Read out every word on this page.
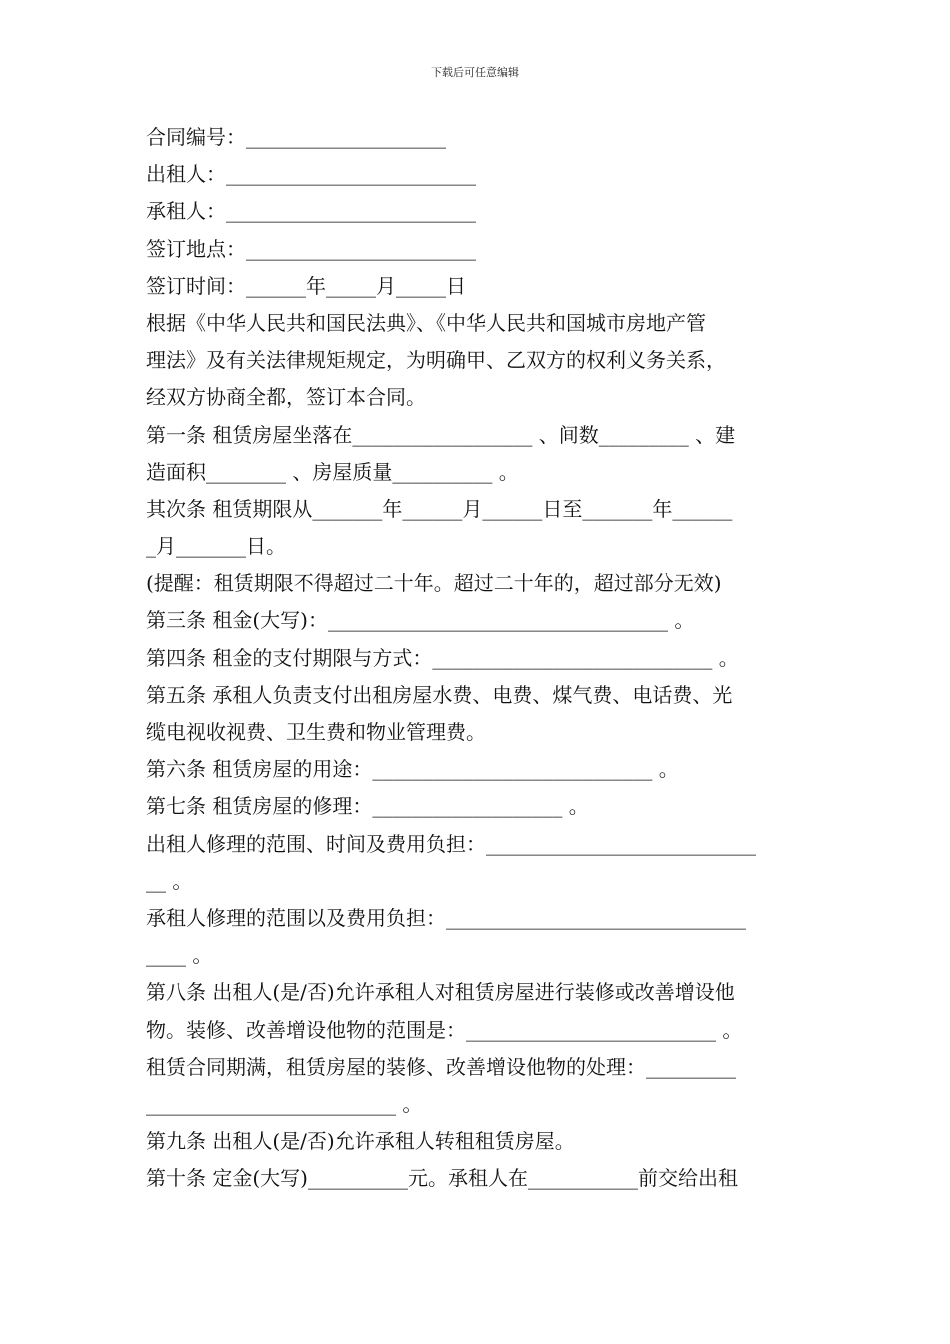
下载后可任意编辑
合同编号：____________________
出租人：_________________________
承租人：_________________________
签订地点：_______________________
签订时间：______年_____月_____日
根据《中华人民共和国民法典》、《中华人民共和国城市房地产管
理法》及有关法律规矩规定，为明确甲、乙双方的权利义务关系，
经双方协商全都，签订本合同。
第一条 租赁房屋坐落在__________________ 、间数_________ 、建
造面积________ 、房屋质量__________ 。
其次条 租赁期限从_______年______月______日至_______年______
_月_______日。
(提醒：租赁期限不得超过二十年。超过二十年的，超过部分无效)
第三条 租金(大写)：__________________________________ 。
第四条 租金的支付期限与方式：____________________________ 。
第五条 承租人负责支付出租房屋水费、电费、煤气费、电话费、光
缆电视收视费、卫生费和物业管理费。
第六条 租赁房屋的用途：____________________________ 。
第七条 租赁房屋的修理：___________________ 。
出租人修理的范围、时间及费用负担：___________________________
__ 。
承租人修理的范围以及费用负担：______________________________
____ 。
第八条 出租人(是/否)允许承租人对租赁房屋进行装修或改善增设他
物。装修、改善增设他物的范围是：_________________________ 。
租赁合同期满，租赁房屋的装修、改善增设他物的处理：_________
_________________________ 。
第九条 出租人(是/否)允许承租人转租租赁房屋。
第十条 定金(大写)__________元。承租人在___________前交给出租
